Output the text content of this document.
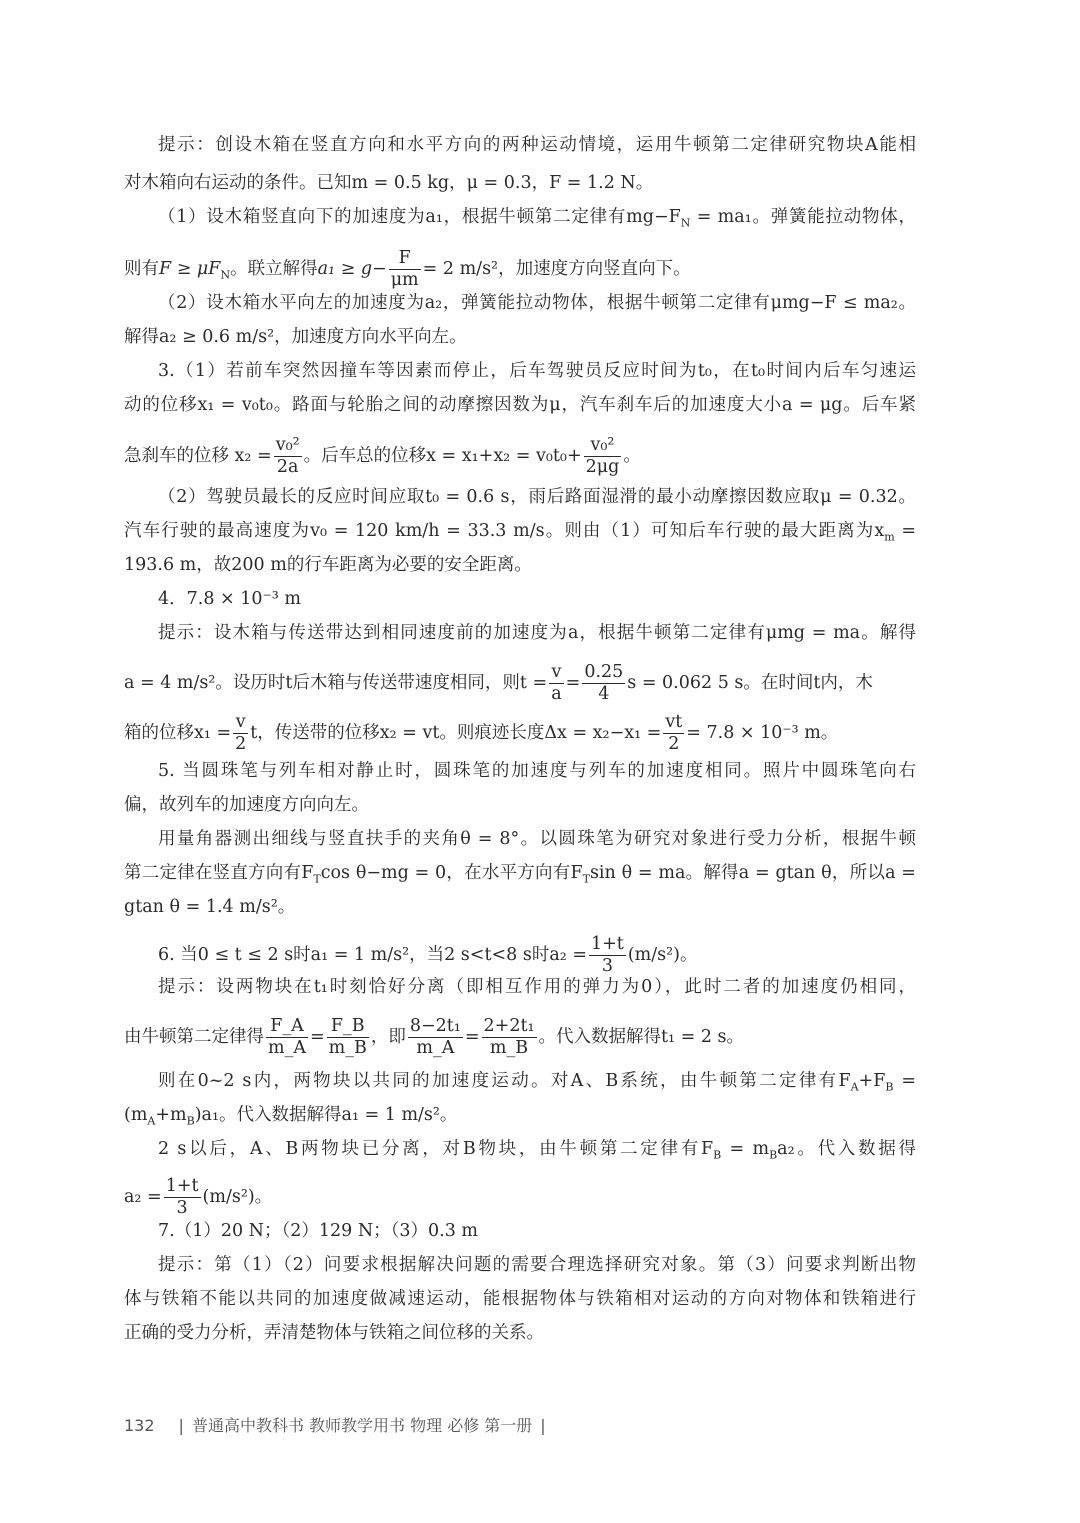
提示：创设木箱在竖直方向和水平方向的两种运动情境，运用牛顿第二定律研究物块A能相
对木箱向右运动的条件。已知m = 0.5 kg，μ = 0.3，F = 1.2 N。
（1）设木箱竖直向下的加速度为a₁，根据牛顿第二定律有$mg-F_N = ma_1$。弹簧能拉动物体，
则有$F \ge \mu F_N$。联立解得$a_1 \ge g- \frac{F}{\mu m} = 2$ m/s²，加速度方向竖直向下。
（2）设木箱水平向左的加速度为a₂，弹簧能拉动物体，根据牛顿第二定律有μmg−F ≤ ma₂。
解得a₂ ≥ 0.6 m/s²，加速度方向水平向左。
3.（1）若前车突然因撞车等因素而停止，后车驾驶员反应时间为t₀，在t₀时间内后车匀速运
动的位移x₁ = v₀t₀。路面与轮胎之间的动摩擦因数为μ，汽车刹车后的加速度大小a = μg。后车紧
急刹车的位移 $x_2 = \frac{\text{v₀²}}{2a}$ 。后车总的位移$x = x_1+x_2 = v_0t_0+ \frac{\text{v₀²}}{2\mu g}$ 。
（2）驾驶员最长的反应时间应取t₀ = 0.6 s，雨后路面湿滑的最小动摩擦因数应取μ = 0.32。
汽车行驶的最高速度为v₀ = 120 km/h = 33.3 m/s。则由（1）可知后车行驶的最大距离为$x_m$ =
193.6 m，故200 m的行车距离为必要的安全距离。
4．7.8 × 10⁻³ m
提示：设木箱与传送带达到相同速度前的加速度为a，根据牛顿第二定律有μmg = ma。解得
a = 4 m/s²。设历时t后木箱与传送带速度相同，则$t = \frac{v}{a} = \frac{0.25}{4}$ s = 0.062 5 s。在时间t内，木
箱的位移$x_1 = \frac{v}{2}$ t，传送带的位移x₂ = vt。则痕迹长度$\Delta x = x_2-x_1 = \frac{vt}{2} = 7.8 \times 10^{-3}$ m。
5. 当圆珠笔与列车相对静止时，圆珠笔的加速度与列车的加速度相同。照片中圆珠笔向右
偏，故列车的加速度方向向左。
用量角器测出细线与竖直扶手的夹角θ = 8°。以圆珠笔为研究对象进行受力分析，根据牛顿
第二定律在竖直方向有$F_T\cos$ θ−mg = 0，在水平方向有$F_T\sin$ θ = ma。解得a = gtan θ，所以a =
gtan θ = 1.4 m/s²。
6. 当0 ≤ t ≤ 2 s时a₁ = 1 m/s²，当2 s<t<8 s时$a_2 = \frac{1+t}{3} (m/s^2)$。
提示：设两物块在t₁时刻恰好分离（即相互作用的弹力为0），此时二者的加速度仍相同，
由牛顿第二定律得 $\frac{F\_A}{m\_A} = \frac{F\_B}{m\_B}$ ，即 $\frac{\text{8−2t₁}}{m\_A} = \frac{\text{2+2t₁}}{m\_B}$ 。代入数据解得t₁ = 2 s。
则在0~2 s内，两物块以共同的加速度运动。对A、B系统，由牛顿第二定律有$F_A+F_B$ =
$(m_A+m_B)a_1$。代入数据解得a₁ = 1 m/s²。
2 s以后，A、B两物块已分离，对B物块，由牛顿第二定律有$F_B = m_Ba_2$。代入数据得
$a_2 = \frac{1+t}{3} (m/s^2)$。
7.（1）20 N；（2）129 N；（3）0.3 m
提示：第（1）（2）问要求根据解决问题的需要合理选择研究对象。第（3）问要求判断出物
体与铁箱不能以共同的加速度做减速运动，能根据物体与铁箱相对运动的方向对物体和铁箱进行
正确的受力分析，弄清楚物体与铁箱之间位移的关系。
132 | 普通高中教科书 教师教学用书 物理 必修 第一册 |
